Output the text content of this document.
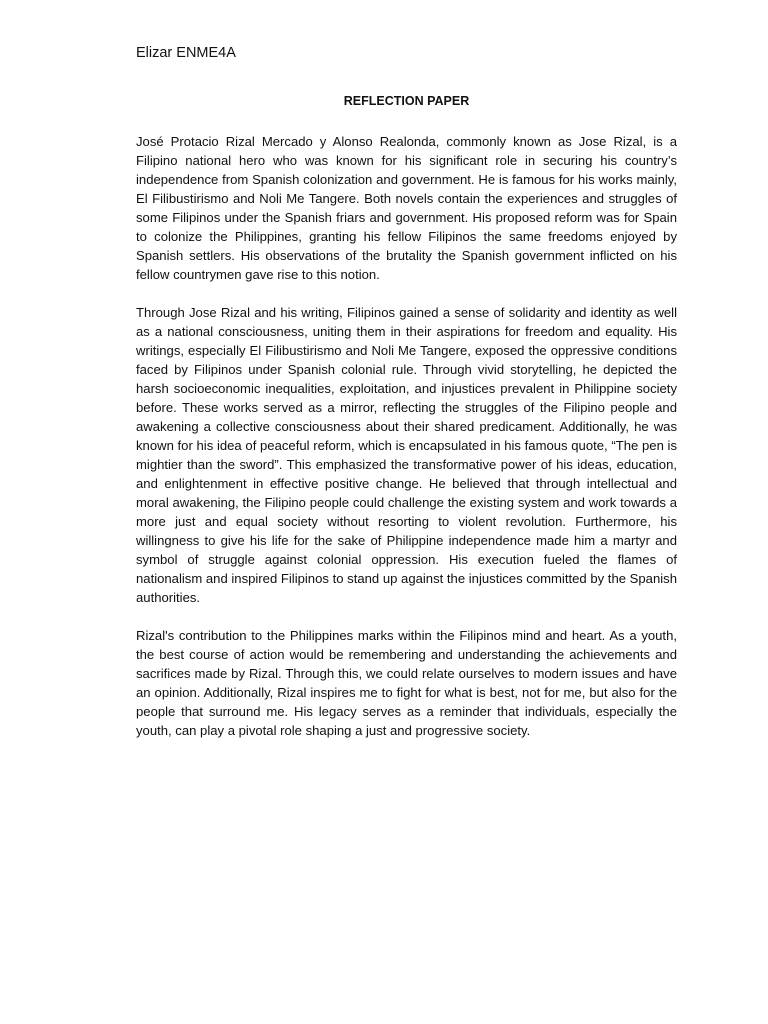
Elizar ENME4A
REFLECTION PAPER

José Protacio Rizal Mercado y Alonso Realonda, commonly known as Jose Rizal, is a Filipino national hero who was known for his significant role in securing his country’s independence from Spanish colonization and government. He is famous for his works mainly, El Filibustirismo and Noli Me Tangere. Both novels contain the experiences and struggles of some Filipinos under the Spanish friars and government. His proposed reform was for Spain to colonize the Philippines, granting his fellow Filipinos the same freedoms enjoyed by Spanish settlers. His observations of the brutality the Spanish government inflicted on his fellow countrymen gave rise to this notion.

Through Jose Rizal and his writing, Filipinos gained a sense of solidarity and identity as well as a national consciousness, uniting them in their aspirations for freedom and equality. His writings, especially El Filibustirismo and Noli Me Tangere, exposed the oppressive conditions faced by Filipinos under Spanish colonial rule. Through vivid storytelling, he depicted the harsh socioeconomic inequalities, exploitation, and injustices prevalent in Philippine society before. These works served as a mirror, reflecting the struggles of the Filipino people and awakening a collective consciousness about their shared predicament. Additionally, he was known for his idea of peaceful reform, which is encapsulated in his famous quote, “The pen is mightier than the sword”. This emphasized the transformative power of his ideas, education, and enlightenment in effective positive change. He believed that through intellectual and moral awakening, the Filipino people could challenge the existing system and work towards a more just and equal society without resorting to violent revolution. Furthermore, his willingness to give his life for the sake of Philippine independence made him a martyr and symbol of struggle against colonial oppression. His execution fueled the flames of nationalism and inspired Filipinos to stand up against the injustices committed by the Spanish authorities.

Rizal's contribution to the Philippines marks within the Filipinos mind and heart. As a youth, the best course of action would be remembering and understanding the achievements and sacrifices made by Rizal. Through this, we could relate ourselves to modern issues and have an opinion. Additionally, Rizal inspires me to fight for what is best, not for me, but also for the people that surround me. His legacy serves as a reminder that individuals, especially the youth, can play a pivotal role shaping a just and progressive society.
